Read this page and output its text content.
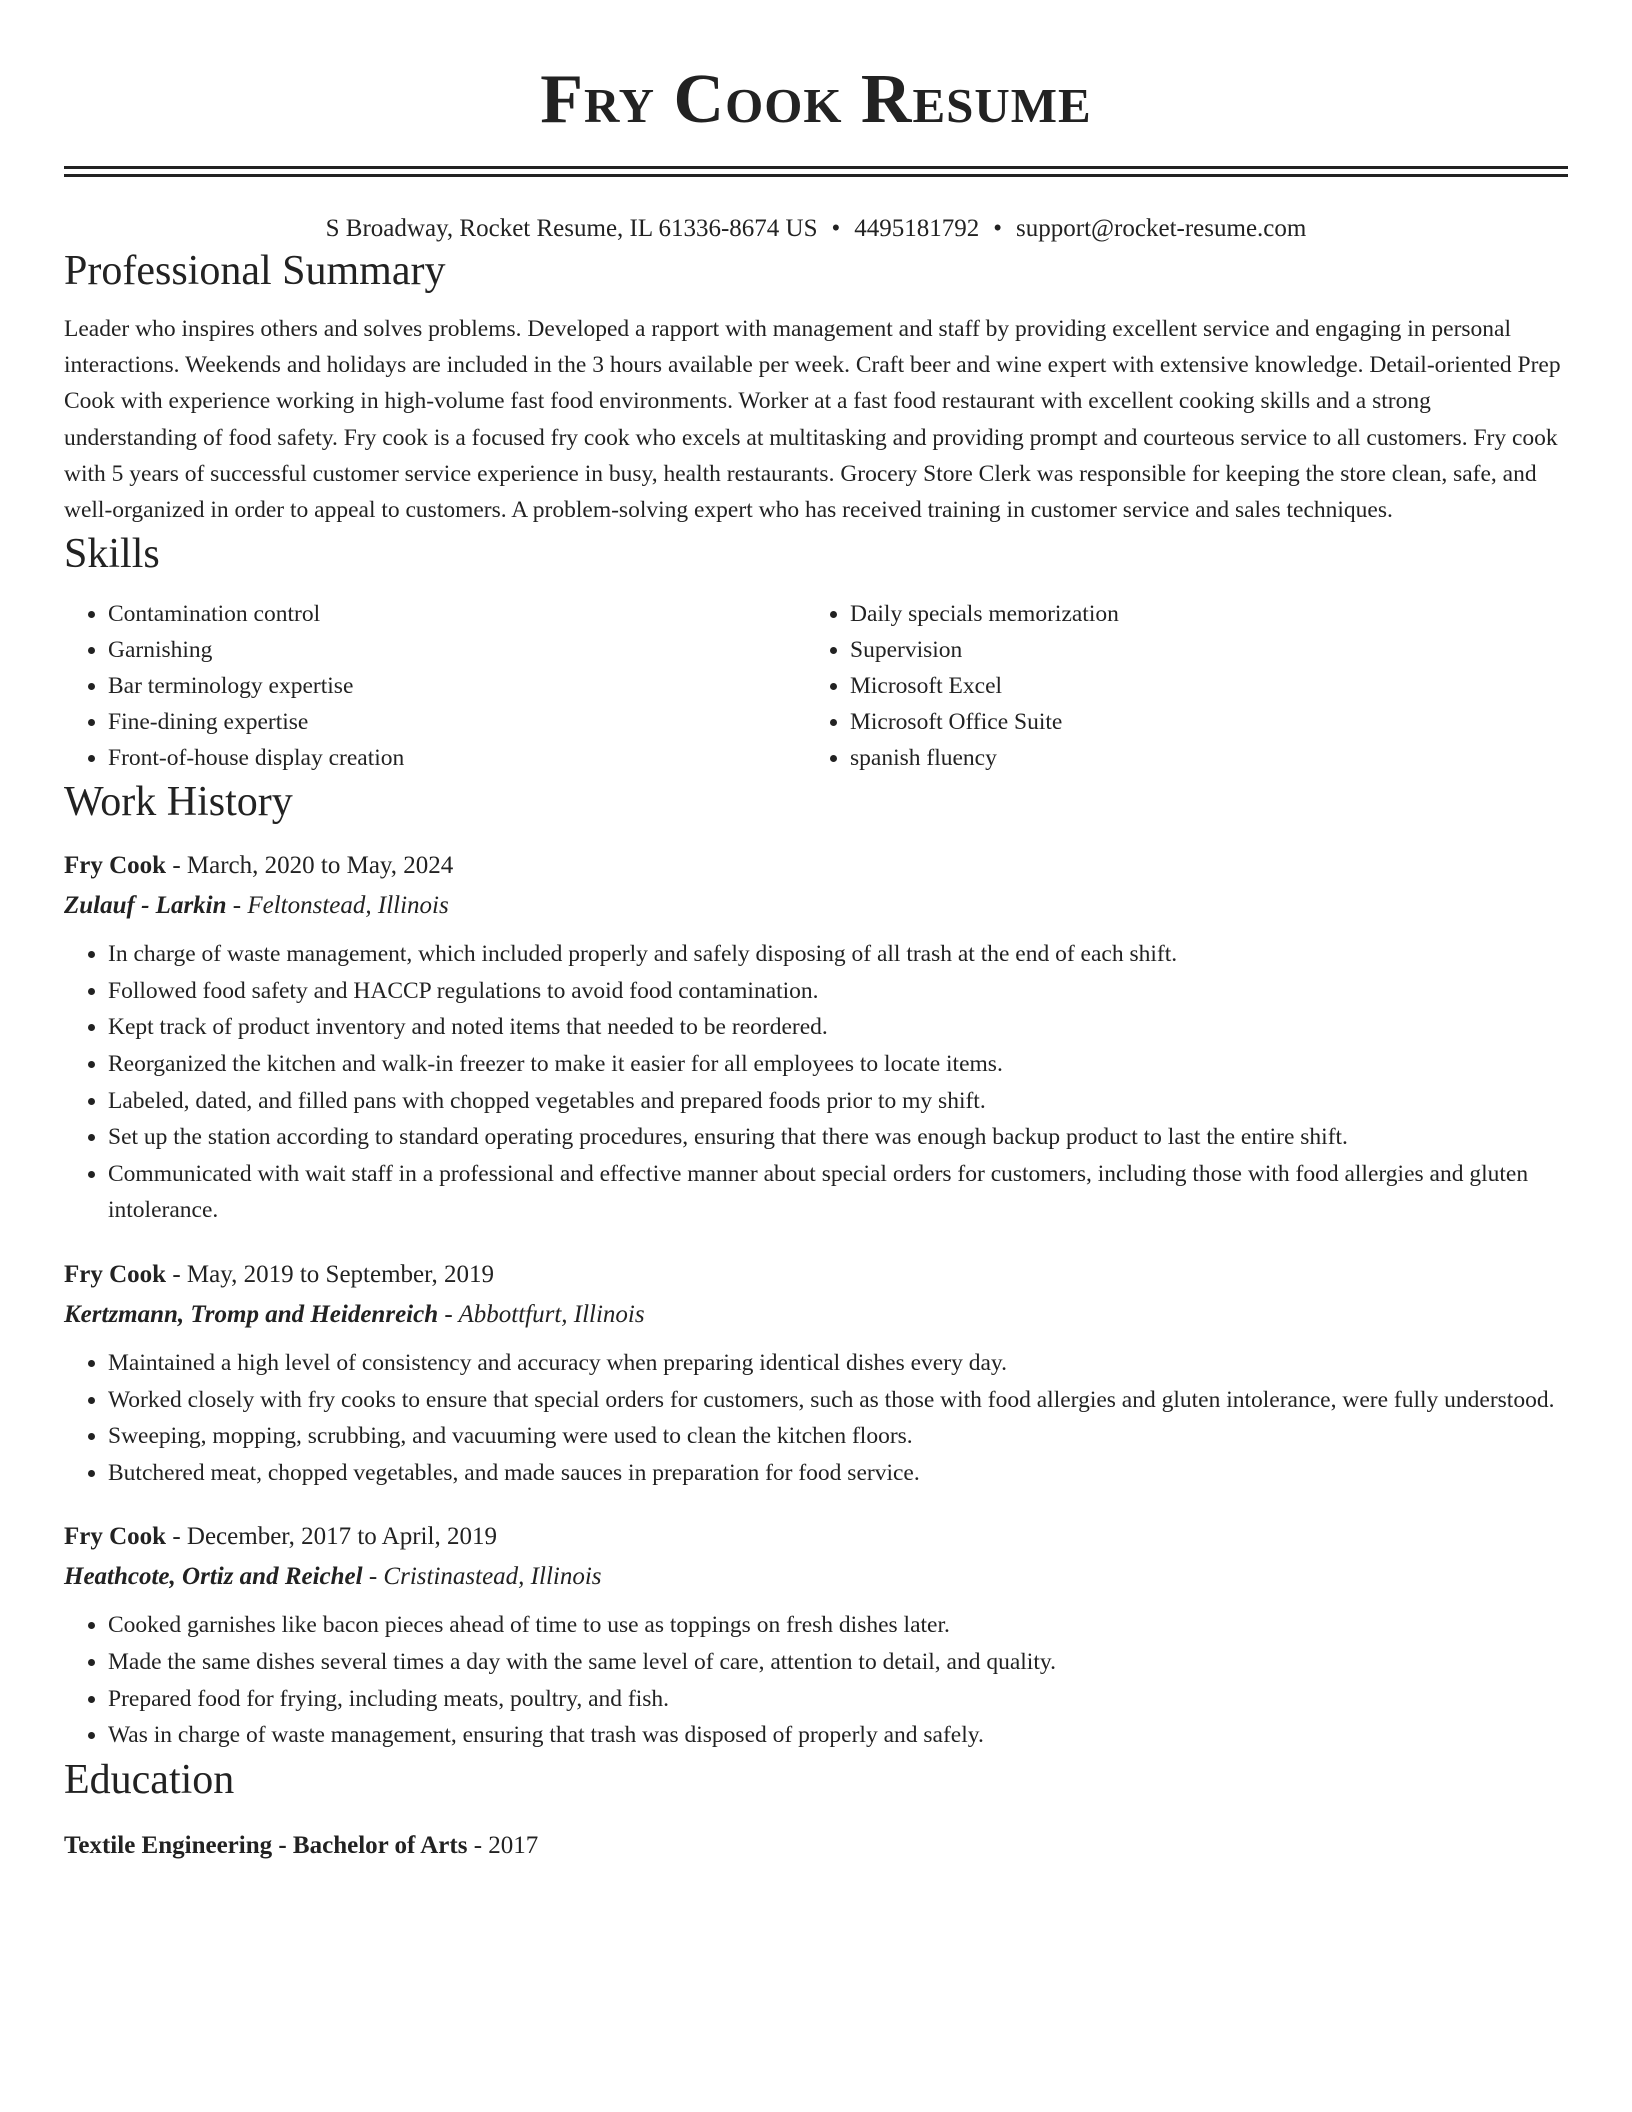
Fry Cook Resume
S Broadway, Rocket Resume, IL 61336-8674 US • 4495181792 • support@rocket-resume.com
Professional Summary

Leader who inspires others and solves problems. Developed a rapport with management and staff by providing excellent service and engaging in personal interactions. Weekends and holidays are included in the 3 hours available per week. Craft beer and wine expert with extensive knowledge. Detail-oriented Prep Cook with experience working in high-volume fast food environments. Worker at a fast food restaurant with excellent cooking skills and a strong understanding of food safety. Fry cook is a focused fry cook who excels at multitasking and providing prompt and courteous service to all customers. Fry cook with 5 years of successful customer service experience in busy, health restaurants. Grocery Store Clerk was responsible for keeping the store clean, safe, and well-organized in order to appeal to customers. A problem-solving expert who has received training in customer service and sales techniques.

Skills
• Contamination control
• Garnishing
• Bar terminology expertise
• Fine-dining expertise
• Front-of-house display creation
• Daily specials memorization
• Supervision
• Microsoft Excel
• Microsoft Office Suite
• spanish fluency
Work History
Fry Cook - March, 2020 to May, 2024
Zulauf - Larkin - Feltonstead, Illinois
• In charge of waste management, which included properly and safely disposing of all trash at the end of each shift.
• Followed food safety and HACCP regulations to avoid food contamination.
• Kept track of product inventory and noted items that needed to be reordered.
• Reorganized the kitchen and walk-in freezer to make it easier for all employees to locate items.
• Labeled, dated, and filled pans with chopped vegetables and prepared foods prior to my shift.
• Set up the station according to standard operating procedures, ensuring that there was enough backup product to last the entire shift.
• Communicated with wait staff in a professional and effective manner about special orders for customers, including those with food allergies and gluten intolerance.
Fry Cook - May, 2019 to September, 2019
Kertzmann, Tromp and Heidenreich - Abbottfurt, Illinois
• Maintained a high level of consistency and accuracy when preparing identical dishes every day.
• Worked closely with fry cooks to ensure that special orders for customers, such as those with food allergies and gluten intolerance, were fully understood.
• Sweeping, mopping, scrubbing, and vacuuming were used to clean the kitchen floors.
• Butchered meat, chopped vegetables, and made sauces in preparation for food service.
Fry Cook - December, 2017 to April, 2019
Heathcote, Ortiz and Reichel - Cristinastead, Illinois
• Cooked garnishes like bacon pieces ahead of time to use as toppings on fresh dishes later.
• Made the same dishes several times a day with the same level of care, attention to detail, and quality.
• Prepared food for frying, including meats, poultry, and fish.
• Was in charge of waste management, ensuring that trash was disposed of properly and safely.
Education
Textile Engineering - Bachelor of Arts - 2017
